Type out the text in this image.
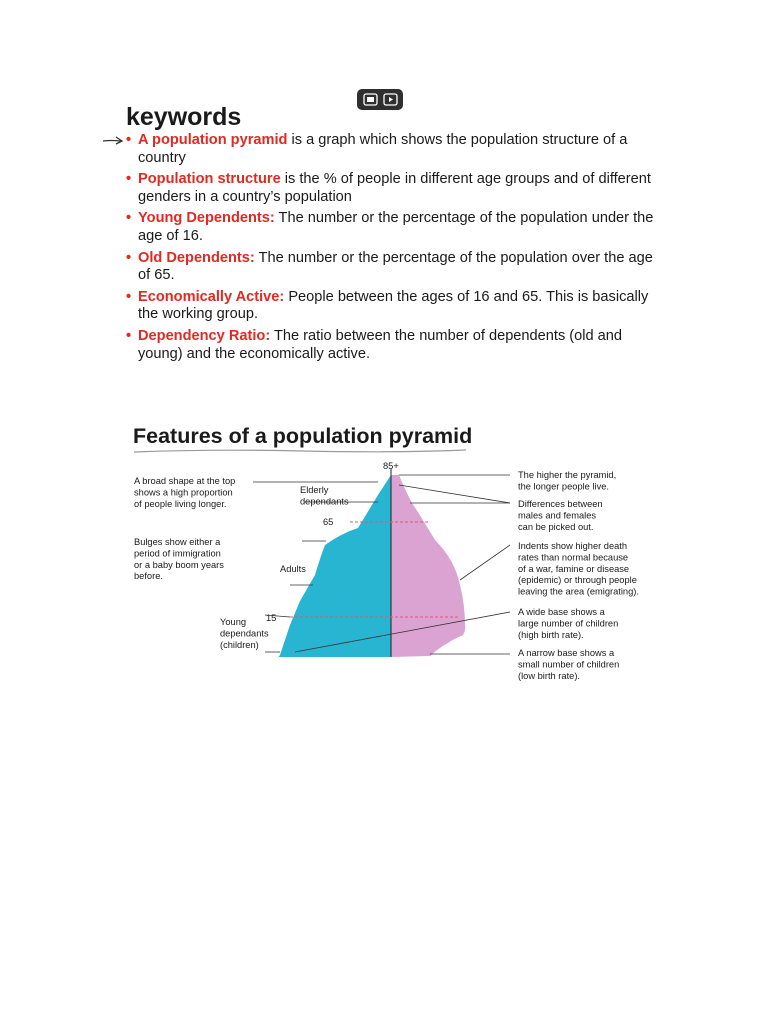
keywords
• A population pyramid is a graph which shows the population structure of a country
• Population structure is the % of people in different age groups and of different genders in a country’s population
• Young Dependents: The number or the percentage of the population under the age of 16.
• Old Dependents: The number or the percentage of the population over the age of 65.
• Economically Active: People between the ages of 16 and 65. This is basically the working group.
• Dependency Ratio: The ratio between the number of dependents (old and young) and the economically active.
Features of a population pyramid
85+
65
15
A broad shape at the top shows a high proportion of people living longer.
Bulges show either a period of immigration or a baby boom years before.
Elderly dependants
Adults
Young dependants (children)
The higher the pyramid, the longer people live.
Differences between males and females can be picked out.
Indents show higher death rates than normal because of a war, famine or disease (epidemic) or through people leaving the area (emigrating).
A wide base shows a large number of children (high birth rate).
A narrow base shows a small number of children (low birth rate).
